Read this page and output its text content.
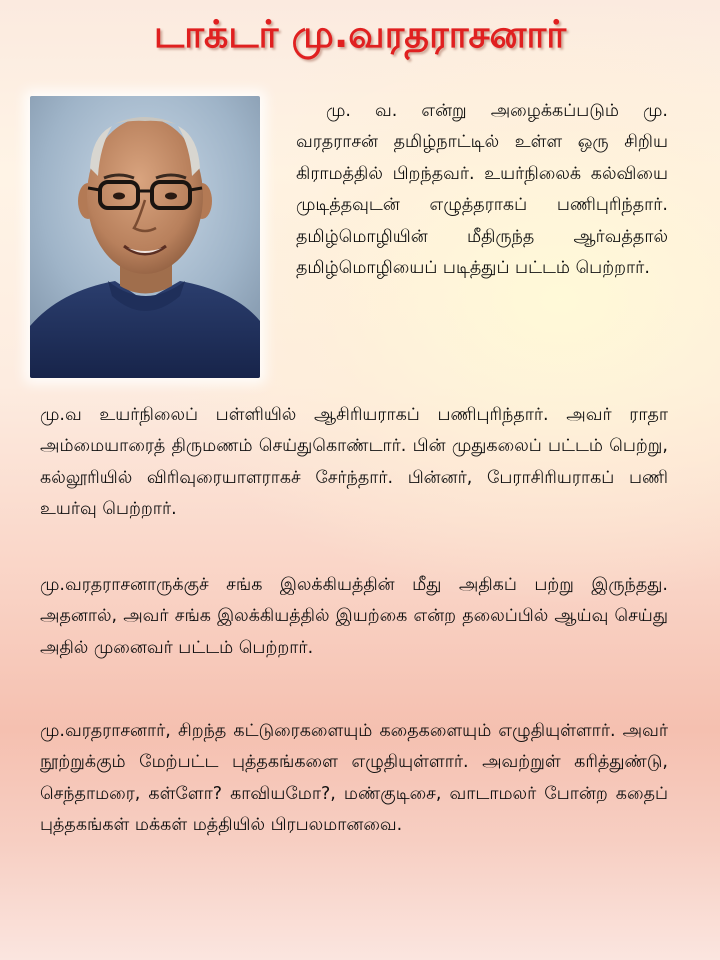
டாக்டர் மு.வரதராசனார்

மு. வ. என்று அழைக்கப்படும் மு. வரதராசன் தமிழ்நாட்டில் உள்ள ஒரு சிறிய கிராமத்தில் பிறந்தவர். உயர்நிலைக் கல்வியை முடித்தவுடன் எழுத்தராகப் பணிபுரிந்தார். தமிழ்மொழியின் மீதிருந்த ஆர்வத்தால் தமிழ்மொழியைப் படித்துப் பட்டம் பெற்றார்.

மு.வ உயர்நிலைப் பள்ளியில் ஆசிரியராகப் பணிபுரிந்தார். அவர் ராதா அம்மையாரைத் திருமணம் செய்துகொண்டார். பின் முதுகலைப் பட்டம் பெற்று, கல்லூரியில் விரிவுரையாளராகச் சேர்ந்தார். பின்னர், பேராசிரியராகப் பணி உயர்வு பெற்றார்.

மு.வரதராசனாருக்குச் சங்க இலக்கியத்தின் மீது அதிகப் பற்று இருந்தது. அதனால், அவர் சங்க இலக்கியத்தில் இயற்கை என்ற தலைப்பில் ஆய்வு செய்து அதில் முனைவர் பட்டம் பெற்றார்.

மு.வரதராசனார், சிறந்த கட்டுரைகளையும் கதைகளையும் எழுதியுள்ளார். அவர் நூற்றுக்கும் மேற்பட்ட புத்தகங்களை எழுதியுள்ளார். அவற்றுள் கரித்துண்டு, செந்தாமரை, கள்ளோ? காவியமோ?, மண்குடிசை, வாடாமலர் போன்ற கதைப் புத்தகங்கள் மக்கள் மத்தியில் பிரபலமானவை.
